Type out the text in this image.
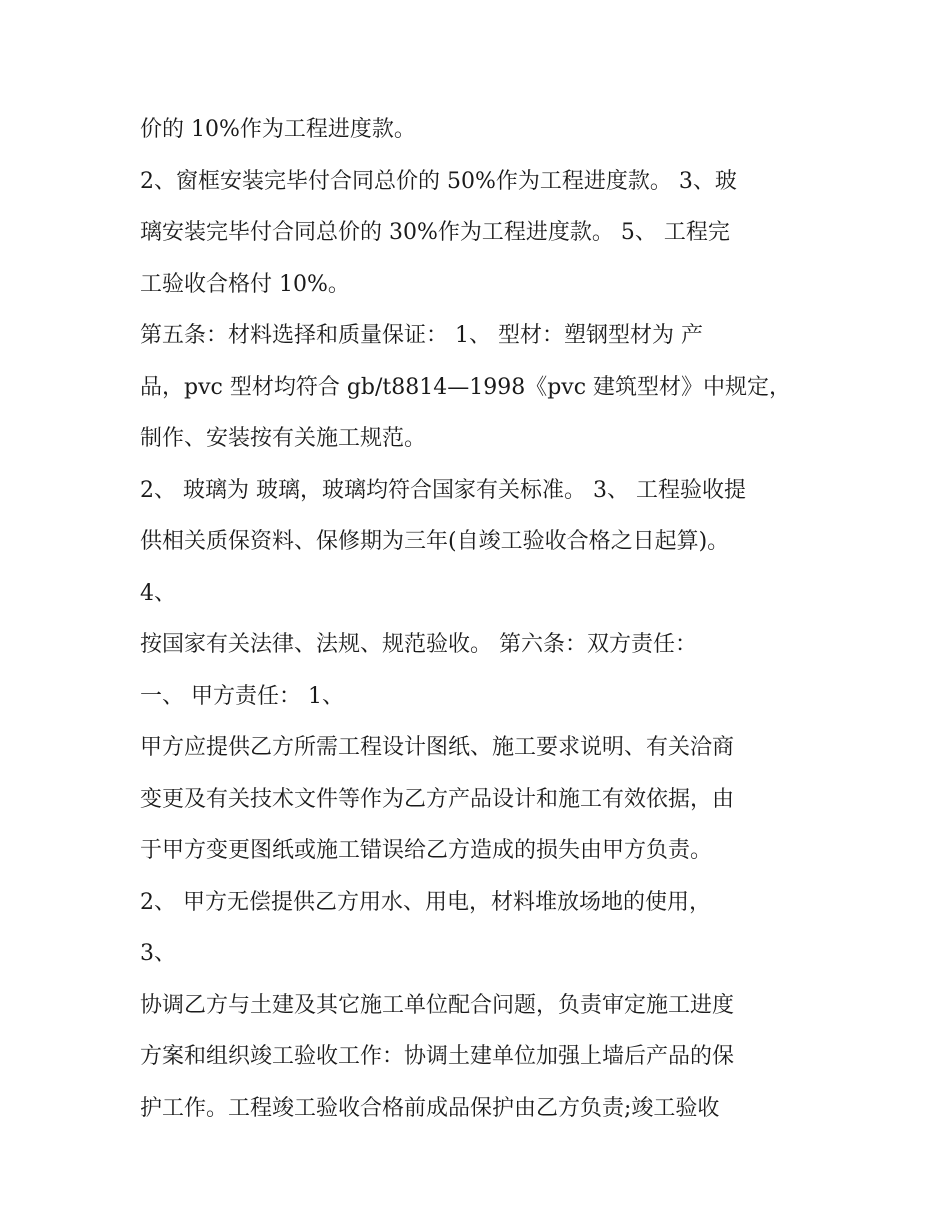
价的 10%作为工程进度款。
2、窗框安装完毕付合同总价的 50%作为工程进度款。 3、玻
璃安装完毕付合同总价的 30%作为工程进度款。 5、 工程完
工验收合格付 10%。
第五条：材料选择和质量保证： 1、 型材：塑钢型材为 产
品，pvc 型材均符合 gb/t8814—1998《pvc 建筑型材》中规定，
制作、安装按有关施工规范。
2、 玻璃为 玻璃，玻璃均符合国家有关标准。 3、 工程验收提
供相关质保资料、保修期为三年(自竣工验收合格之日起算)。
4、
按国家有关法律、法规、规范验收。 第六条：双方责任：
一、 甲方责任： 1、
甲方应提供乙方所需工程设计图纸、施工要求说明、有关洽商
变更及有关技术文件等作为乙方产品设计和施工有效依据，由
于甲方变更图纸或施工错误给乙方造成的损失由甲方负责。
2、 甲方无偿提供乙方用水、用电，材料堆放场地的使用，
3、
协调乙方与土建及其它施工单位配合问题，负责审定施工进度
方案和组织竣工验收工作：协调土建单位加强上墙后产品的保
护工作。工程竣工验收合格前成品保护由乙方负责;竣工验收
